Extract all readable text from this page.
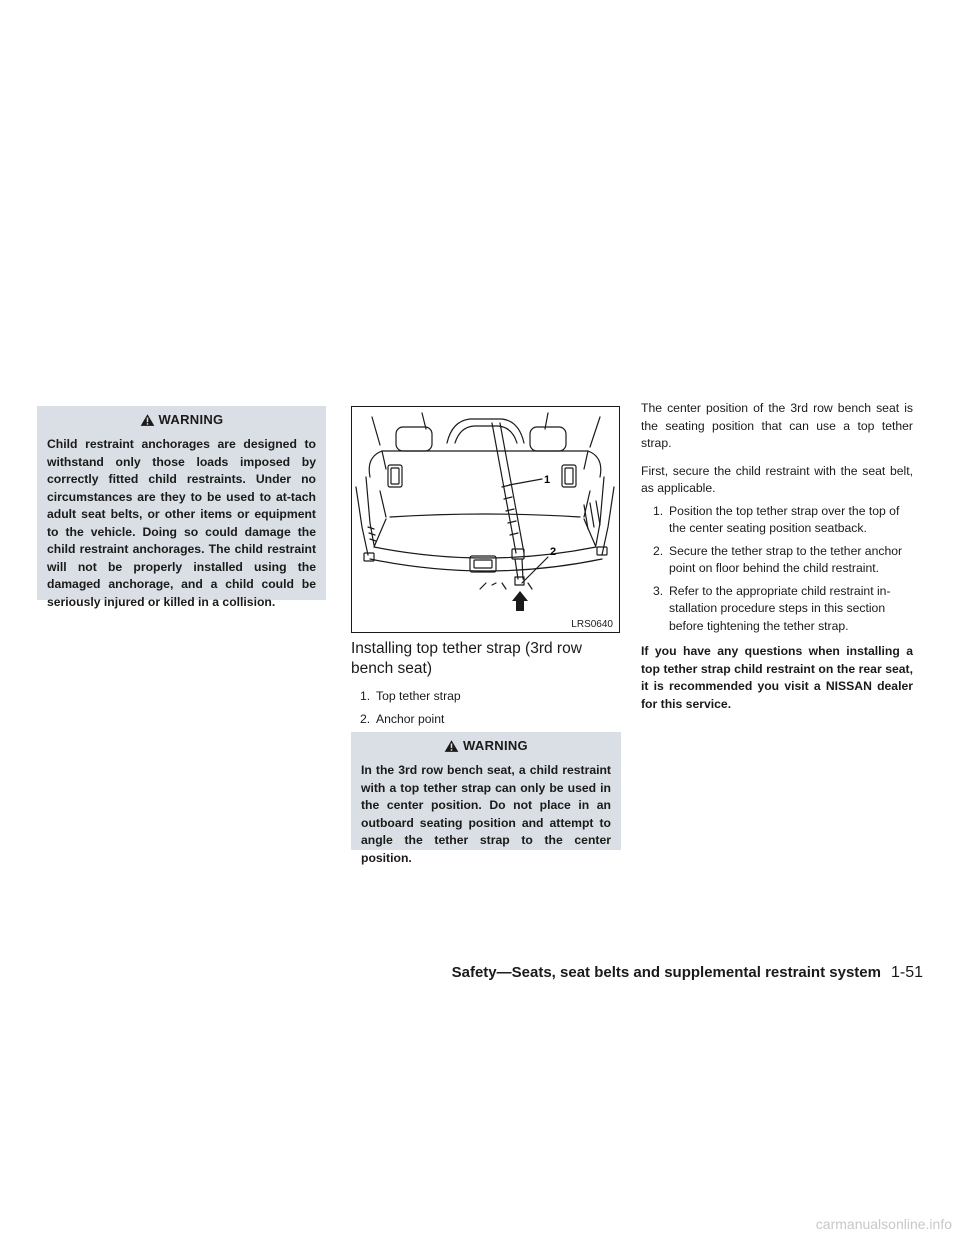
WARNING

Child restraint anchorages are designed to withstand only those loads imposed by correctly fitted child restraints. Under no circumstances are they to be used to at-tach adult seat belts, or other items or equipment to the vehicle. Doing so could damage the child restraint anchorages. The child restraint will not be properly installed using the damaged anchorage, and a child could be seriously injured or killed in a collision.

1
2
LRS0640
Installing top tether strap (3rd row bench seat)
1. Top tether strap
2. Anchor point
WARNING

In the 3rd row bench seat, a child restraint with a top tether strap can only be used in the center position. Do not place in an outboard seating position and attempt to angle the tether strap to the center position.

The center position of the 3rd row bench seat is the seating position that can use a top tether strap.

First, secure the child restraint with the seat belt, as applicable.

1. Position the top tether strap over the top of the center seating position seatback.
2. Secure the tether strap to the tether anchor point on floor behind the child restraint.
3. Refer to the appropriate child restraint in-stallation procedure steps in this section before tightening the tether strap.

If you have any questions when installing a top tether strap child restraint on the rear seat, it is recommended you visit a NISSAN dealer for this service.

Safety—Seats, seat belts and supplemental restraint system 1-51
carmanualsonline.info
